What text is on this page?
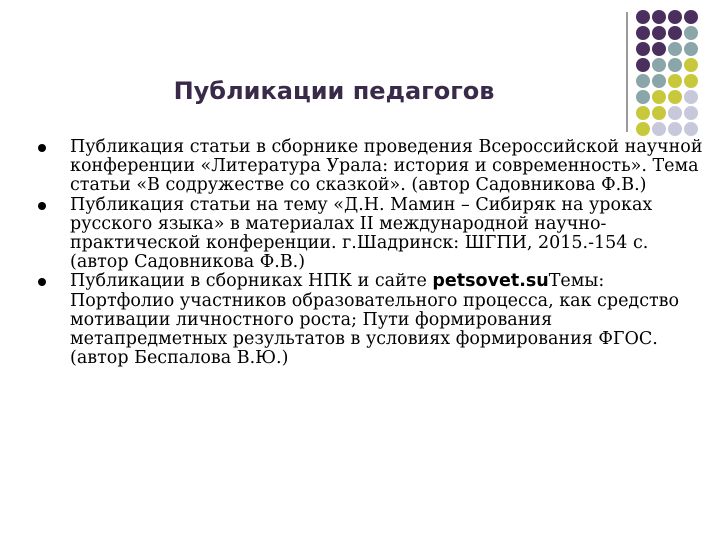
Публикации педагогов
Публикация статьи в сборнике проведения Всероссийской научной конференции «Литература Урала: история и современность». Тема статьи «В содружестве со сказкой». (автор Садовникова Ф.В.)
Публикация статьи на тему «Д.Н. Мамин – Сибиряк на уроках русского языка» в материалах II международной научно-практической конференции. г.Шадринск: ШГПИ, 2015.-154 с. (автор Садовникова Ф.В.)
Публикации в сборниках НПК и сайте petsovet.suТемы: Портфолио участников образовательного процесса, как средство мотивации личностного роста; Пути формирования метапредметных результатов в условиях формирования ФГОС. (автор Беспалова В.Ю.)
